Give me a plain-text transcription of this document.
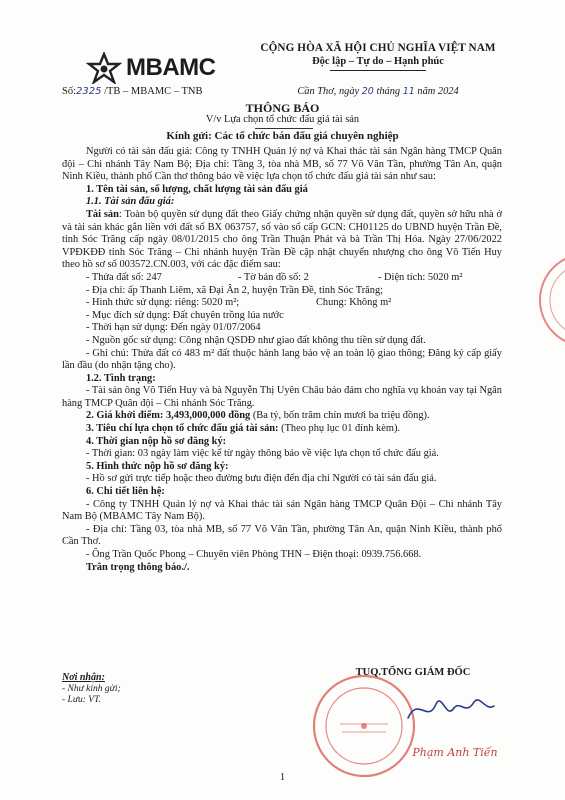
MBAMC
Số:2325 /TB – MBAMC – TNB
CỘNG HÒA XÃ HỘI CHỦ NGHĨA VIỆT NAM
Độc lập – Tự do – Hạnh phúc
Cần Thơ, ngày 20 tháng 11 năm 2024
THÔNG BÁO
V/v Lựa chọn tổ chức đấu giá tài sản
Kính gửi: Các tổ chức bán đấu giá chuyên nghiệp

Người có tài sản đấu giá: Công ty TNHH Quản lý nợ và Khai thác tài sản Ngân hàng TMCP Quân đội – Chi nhánh Tây Nam Bộ; Địa chỉ: Tầng 3, tòa nhà MB, số 77 Võ Văn Tần, phường Tân An, quận Ninh Kiều, thành phố Cần thơ thông báo về việc lựa chọn tổ chức đấu giá tài sản như sau:

1. Tên tài sản, số lượng, chất lượng tài sản đấu giá

1.1. Tài sản đấu giá:

Tài sản: Toàn bộ quyền sử dụng đất theo Giấy chứng nhận quyền sử dụng đất, quyền sở hữu nhà ở và tài sản khác gắn liền với đất số BX 063757, số vào sổ cấp GCN: CH01125 do UBND huyện Trần Đề, tỉnh Sóc Trăng cấp ngày 08/01/2015 cho ông Trần Thuận Phát và bà Trần Thị Hóa. Ngày 27/06/2022 VPĐKĐĐ tỉnh Sóc Trăng – Chi nhánh huyện Trần Đề cập nhật chuyển nhượng cho ông Võ Tiến Huy theo hồ sơ số 003572.CN.003, với các đặc điểm sau:

- Thửa đất số: 247	- Tờ bản đồ số: 2	- Diện tích: 5020 m²

- Địa chỉ: ấp Thanh Liêm, xã Đại Ân 2, huyện Trần Đề, tỉnh Sóc Trăng;

- Hình thức sử dụng: riêng: 5020 m²;	Chung: Không m²

- Mục đích sử dụng: Đất chuyên trồng lúa nước

- Thời hạn sử dụng: Đến ngày 01/07/2064

- Nguồn gốc sử dụng: Công nhận QSDĐ như giao đất không thu tiền sử dụng đất.

- Ghi chú: Thửa đất có 483 m² đất thuộc hành lang bảo vệ an toàn lộ giao thông; Đăng ký cấp giấy lần đầu (do nhận tặng cho).

1.2. Tình trạng:

- Tài sản ông Võ Tiến Huy và bà Nguyễn Thị Uyên Châu bảo đảm cho nghĩa vụ khoản vay tại Ngân hàng TMCP Quân đội – Chi nhánh Sóc Trăng.

2. Giá khởi điểm: 3,493,000,000 đồng (Ba tỷ, bốn trăm chín mươi ba triệu đồng).

3. Tiêu chí lựa chọn tổ chức đấu giá tài sản: (Theo phụ lục 01 đính kèm).

4. Thời gian nộp hồ sơ đăng ký:

- Thời gian: 03 ngày làm việc kể từ ngày thông báo về việc lựa chọn tổ chức đấu giá.

5. Hình thức nộp hồ sơ đăng ký:

- Hồ sơ gửi trực tiếp hoặc theo đường bưu điện đến địa chỉ Người có tài sản đấu giá.

6. Chi tiết liên hệ:

- Công ty TNHH Quản lý nợ và Khai thác tài sản Ngân hàng TMCP Quân Đội – Chi nhánh Tây Nam Bộ (MBAMC Tây Nam Bộ).

- Địa chỉ: Tầng 03, tòa nhà MB, số 77 Võ Văn Tần, phường Tân An, quận Ninh Kiều, thành phố Cần Thơ.

- Ông Trần Quốc Phong – Chuyên viên Phòng THN – Điện thoại: 0939.756.668.

Trân trọng thông báo./.

Nơi nhận:
- Như kính gửi;
- Lưu: VT.
TUQ.TỔNG GIÁM ĐỐC
Phạm Anh Tiến
1
